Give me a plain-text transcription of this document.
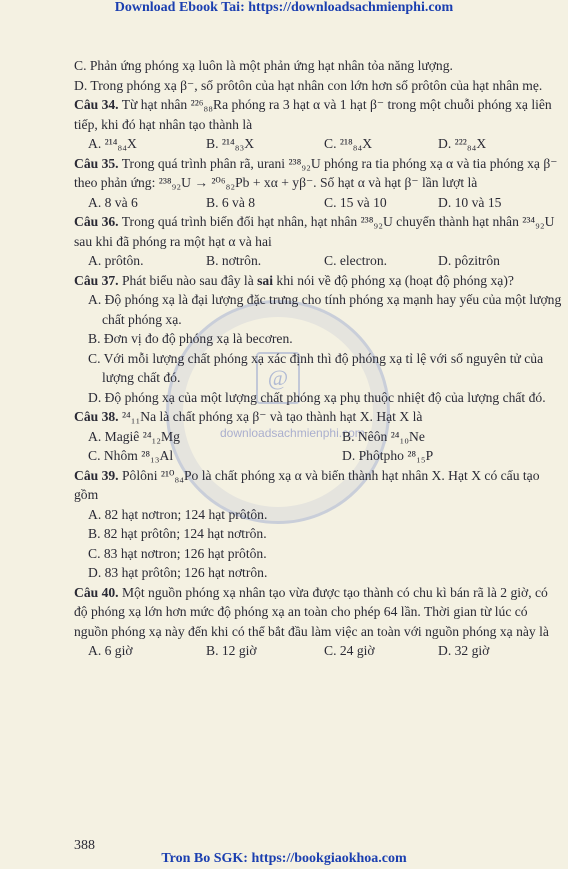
Download Ebook Tai: https://downloadsachmienphi.com
@
downloadsachmienphi.com

C. Phản ứng phóng xạ luôn là một phản ứng hạt nhân tỏa năng lượng.

D. Trong phóng xạ β⁻, số prôtôn của hạt nhân con lớn hơn số prôtôn của hạt nhân mẹ.

Câu 34. Từ hạt nhân ²²⁶₈₈Ra phóng ra 3 hạt α và 1 hạt β⁻ trong một chuỗi phóng xạ liên tiếp, khi đó hạt nhân tạo thành là

A. ²¹⁴₈₄X	B. ²¹⁴₈₃X	C. ²¹⁸₈₄X	D. ²²²₈₄X

Câu 35. Trong quá trình phân rã, urani ²³⁸₉₂U phóng ra tia phóng xạ α và tia phóng xạ β⁻ theo phản ứng: ²³⁸₉₂U → ²⁰⁶₈₂Pb + xα + yβ⁻. Số hạt α và hạt β⁻ lần lượt là

A. 8 và 6	B. 6 và 8	C. 15 và 10	D. 10 và 15

Câu 36. Trong quá trình biến đổi hạt nhân, hạt nhân ²³⁸₉₂U chuyển thành hạt nhân ²³⁴₉₂U sau khi đã phóng ra một hạt α và hai

A. prôtôn.	B. nơtrôn.	C. electron.	D. pôzitrôn

Câu 37. Phát biểu nào sau đây là sai khi nói về độ phóng xạ (hoạt độ phóng xạ)?

A. Độ phóng xạ là đại lượng đặc trưng cho tính phóng xạ mạnh hay yếu của một lượng chất phóng xạ.

B. Đơn vị đo độ phóng xạ là becơren.

C. Với mỗi lượng chất phóng xạ xác định thì độ phóng xạ tỉ lệ với số nguyên tử của lượng chất đó.

D. Độ phóng xạ của một lượng chất phóng xạ phụ thuộc nhiệt độ của lượng chất đó.

Câu 38. ²⁴₁₁Na là chất phóng xạ β⁻ và tạo thành hạt X. Hạt X là

A. Magiê ²⁴₁₂Mg	B. Nêôn ²⁴₁₀Ne
C. Nhôm ²⁸₁₃Al	D. Phôtpho ²⁸₁₅P

Câu 39. Pôlôni ²¹⁰₈₄Po là chất phóng xạ α và biến thành hạt nhân X. Hạt X có cấu tạo gồm

A. 82 hạt nơtron; 124 hạt prôtôn.

B. 82 hạt prôtôn; 124 hạt nơtrôn.

C. 83 hạt nơtron; 126 hạt prôtôn.

D. 83 hạt prôtôn; 126 hạt nơtrôn.

Câu 40. Một nguồn phóng xạ nhân tạo vừa được tạo thành có chu kì bán rã là 2 giờ, có độ phóng xạ lớn hơn mức độ phóng xạ an toàn cho phép 64 lần. Thời gian từ lúc có nguồn phóng xạ này đến khi có thể bắt đầu làm việc an toàn với nguồn phóng xạ này là

A. 6 giờ	B. 12 giờ	C. 24 giờ	D. 32 giờ
388
Tron Bo SGK: https://bookgiaokhoa.com
